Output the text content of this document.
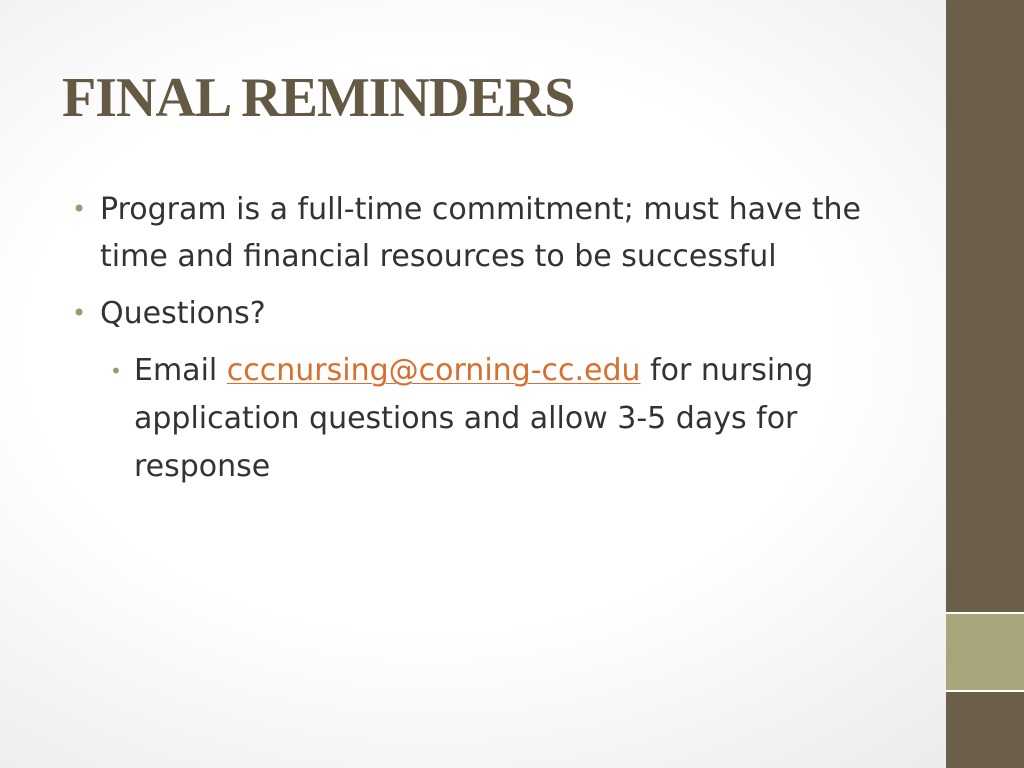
FINAL REMINDERS
• Program is a full-time commitment; must have the time and financial resources to be successful
• Questions?
• Email cccnursing@corning-cc.edu for nursing application questions and allow 3-5 days for response
